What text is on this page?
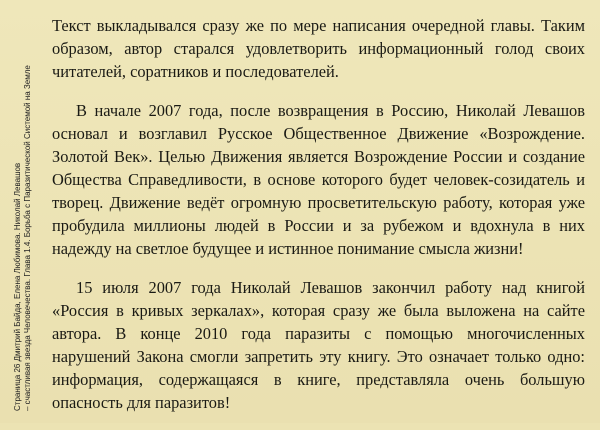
Страница 26 Дмитрий Байда, Елена Любимова. Николай Левашов – счастливая звезда Человечества. Глава 1.4. Борьба с Паразитической Системой на Земле

Текст выкладывался сразу же по мере написания очередной главы. Таким образом, автор старался удовлетворить информационный голод своих читателей, соратников и последователей.

В начале 2007 года, после возвращения в Россию, Николай Левашов основал и возглавил Русское Общественное Движение «Возрождение. Золотой Век». Целью Движения является Возрождение России и создание Общества Справедливости, в основе которого будет человек-созидатель и творец. Движение ведёт огромную просветительскую работу, которая уже пробудила миллионы людей в России и за рубежом и вдохнула в них надежду на светлое будущее и истинное понимание смысла жизни!

15 июля 2007 года Николай Левашов закончил работу над книгой «Россия в кривых зеркалах», которая сразу же была выложена на сайте автора. В конце 2010 года паразиты с помощью многочисленных нарушений Закона смогли запретить эту книгу. Это означает только одно: информация, содержащаяся в книге, представляла очень большую опасность для паразитов!
